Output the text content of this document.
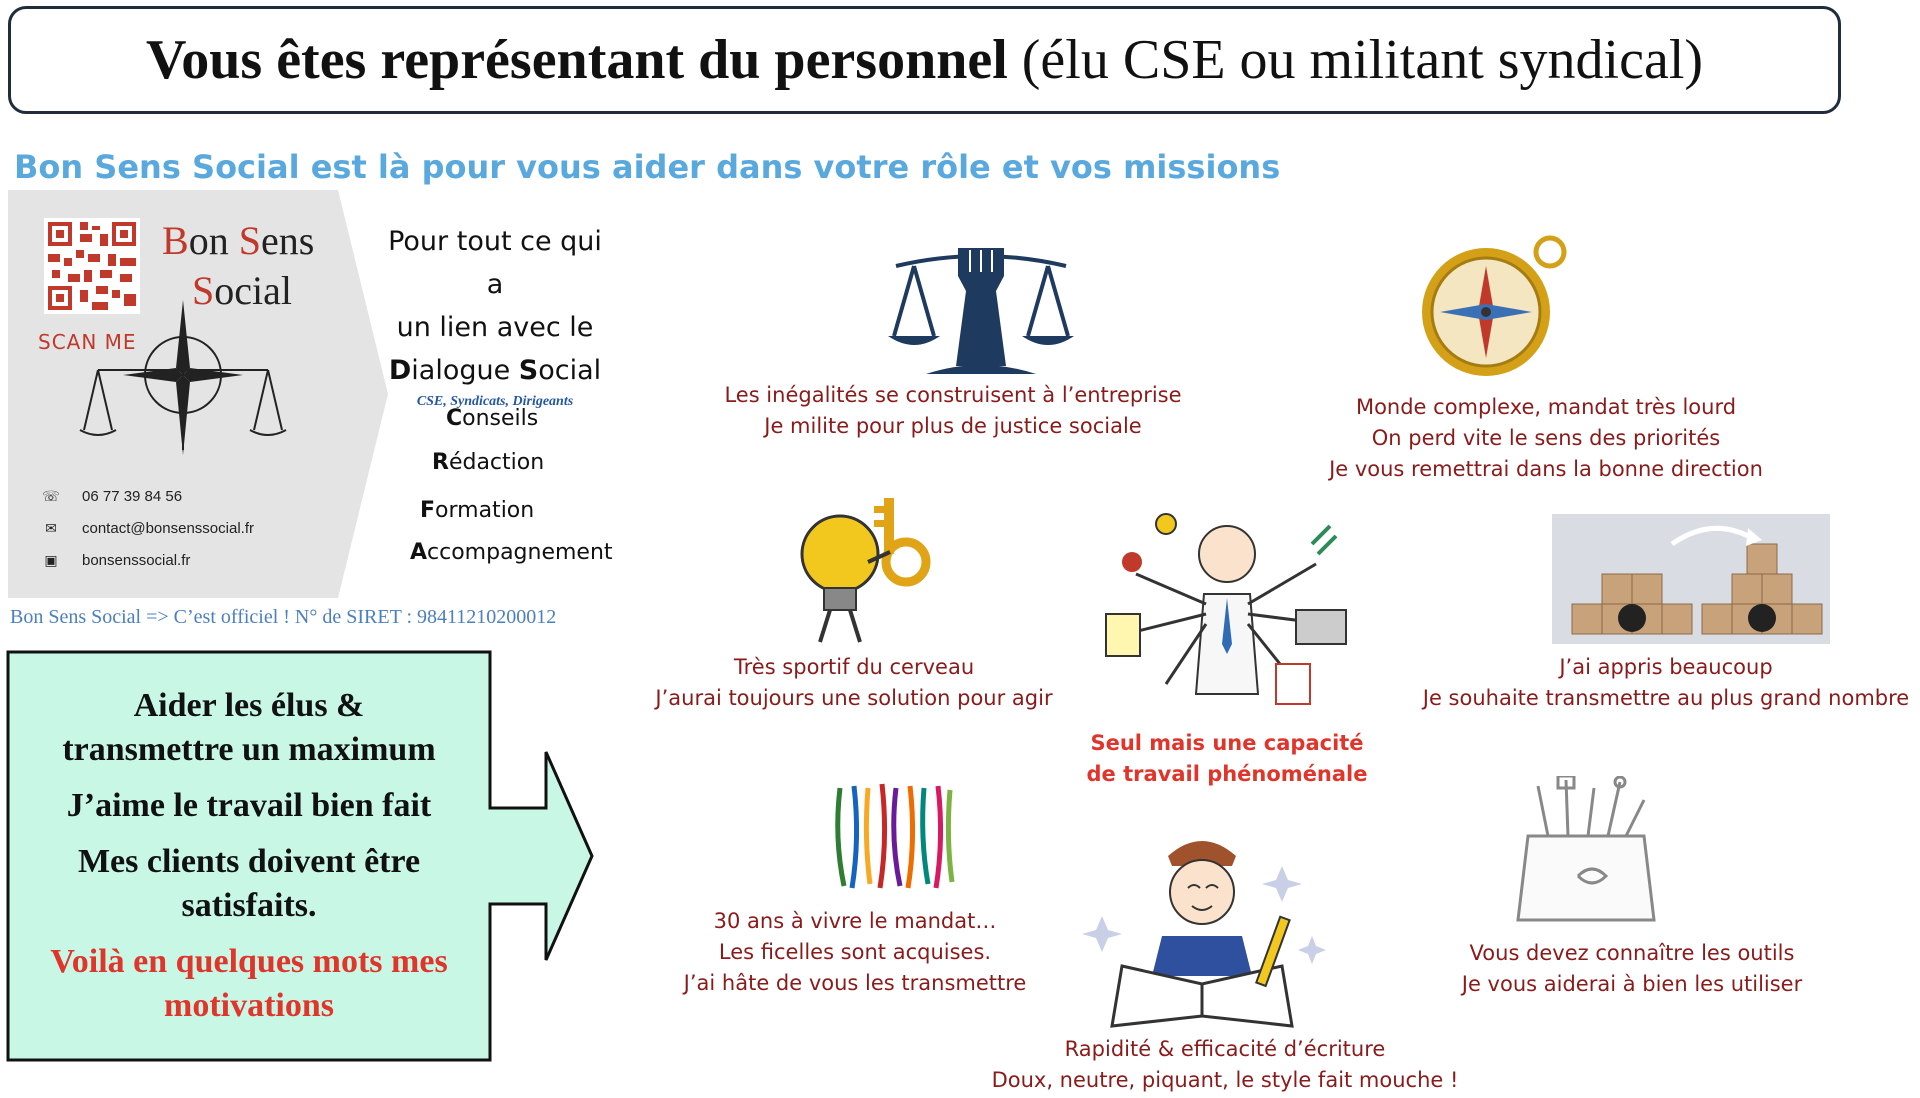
Vous êtes représentant du personnel (élu CSE ou militant syndical)
Bon Sens Social est là pour vous aider dans votre rôle et vos missions
SCAN ME
Bon Sens
Social
☏ 06 77 39 84 56
✉ contact@bonsenssocial.fr
▣ bonsenssocial.fr
Pour tout ce qui a
un lien avec le
Dialogue Social
CSE, Syndicats, Dirigeants
Conseils
Rédaction
Formation
Accompagnement
Bon Sens Social => C’est officiel ! N° de SIRET : 98411210200012
Aider les élus &
transmettre un maximum
J’aime le travail bien fait
Mes clients doivent être
satisfaits.
Voilà en quelques mots mes
motivations
Les inégalités se construisent à l’entreprise
Je milite pour plus de justice sociale
Monde complexe, mandat très lourd
On perd vite le sens des priorités
Je vous remettrai dans la bonne direction
Très sportif du cerveau
J’aurai toujours une solution pour agir
Seul mais une capacité
de travail phénoménale
J’ai appris beaucoup
Je souhaite transmettre au plus grand nombre
30 ans à vivre le mandat…
Les ficelles sont acquises.
J’ai hâte de vous les transmettre
Rapidité & efficacité d’écriture
Doux, neutre, piquant, le style fait mouche !
Vous devez connaître les outils
Je vous aiderai à bien les utiliser
